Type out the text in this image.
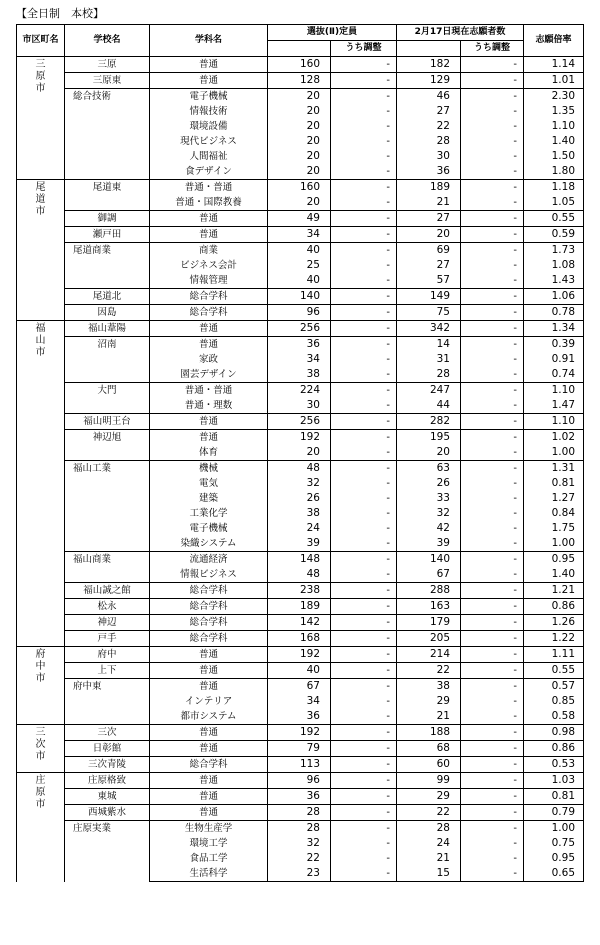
【全日制　本校】
市区町名	学校名	学科名	選抜(Ⅱ)定員		2月17日現在志願者数		志願倍率
				うち調整		うち調整	
三原市	三原	普通	160	-	182	-	1.14
	三原東	普通	128	-	129	-	1.01
	総合技術	電子機械	20	-	46	-	2.30
		情報技術	20	-	27	-	1.35
		環境設備	20	-	22	-	1.10
		現代ビジネス	20	-	28	-	1.40
		人間福祉	20	-	30	-	1.50
		食デザイン	20	-	36	-	1.80
尾道市	尾道東	普通・普通	160	-	189	-	1.18
		普通・国際教養	20	-	21	-	1.05
	御調	普通	49	-	27	-	0.55
	瀬戸田	普通	34	-	20	-	0.59
	尾道商業	商業	40	-	69	-	1.73
		ビジネス会計	25	-	27	-	1.08
		情報管理	40	-	57	-	1.43
	尾道北	総合学科	140	-	149	-	1.06
	因島	総合学科	96	-	75	-	0.78
福山市	福山葦陽	普通	256	-	342	-	1.34
	沼南	普通	36	-	14	-	0.39
		家政	34	-	31	-	0.91
		園芸デザイン	38	-	28	-	0.74
	大門	普通・普通	224	-	247	-	1.10
		普通・理数	30	-	44	-	1.47
	福山明王台	普通	256	-	282	-	1.10
	神辺旭	普通	192	-	195	-	1.02
		体育	20	-	20	-	1.00
	福山工業	機械	48	-	63	-	1.31
		電気	32	-	26	-	0.81
		建築	26	-	33	-	1.27
		工業化学	38	-	32	-	0.84
		電子機械	24	-	42	-	1.75
		染織システム	39	-	39	-	1.00
	福山商業	流通経済	148	-	140	-	0.95
		情報ビジネス	48	-	67	-	1.40
	福山誠之館	総合学科	238	-	288	-	1.21
	松永	総合学科	189	-	163	-	0.86
	神辺	総合学科	142	-	179	-	1.26
	戸手	総合学科	168	-	205	-	1.22
府中市	府中	普通	192	-	214	-	1.11
	上下	普通	40	-	22	-	0.55
	府中東	普通	67	-	38	-	0.57
		インテリア	34	-	29	-	0.85
		都市システム	36	-	21	-	0.58
三次市	三次	普通	192	-	188	-	0.98
	日彰館	普通	79	-	68	-	0.86
	三次青陵	総合学科	113	-	60	-	0.53
庄原市	庄原格致	普通	96	-	99	-	1.03
	東城	普通	36	-	29	-	0.81
	西城紫水	普通	28	-	22	-	0.79
	庄原実業	生物生産学	28	-	28	-	1.00
		環境工学	32	-	24	-	0.75
		食品工学	22	-	21	-	0.95
		生活科学	23	-	15	-	0.65
